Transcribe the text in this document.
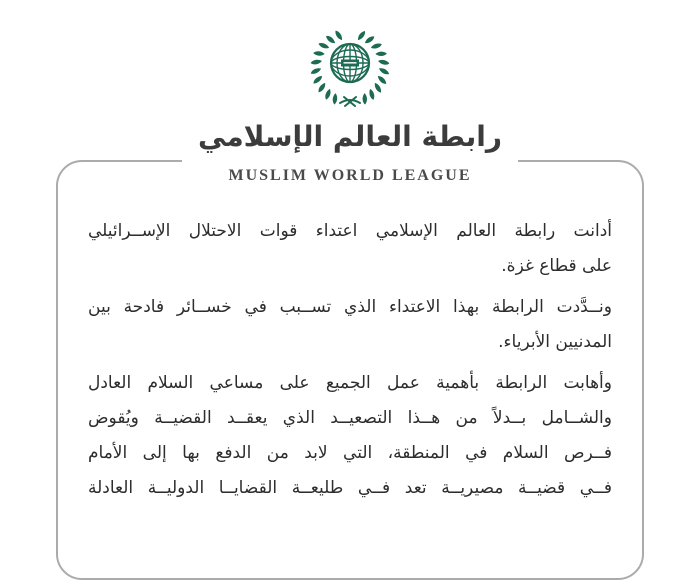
أدانت رابطة العالم الإسلامي اعتداء قوات الاحتلال الإســرائيلي
على قطاع غزة.
ونــدَّدت الرابطة بهذا الاعتداء الذي تســبب في خســائر فادحة بين
المدنيين الأبرياء.
وأهابت الرابطة بأهمية عمل الجميع على مساعي السلام العادل
والشــامل بــدلاً من هــذا التصعيــد الذي يعقــد القضيــة ويُقوض
فــرص السلام في المنطقة، التي لابد من الدفع بها إلى الأمام
فــي قضيــة مصيريــة تعد فــي طليعــة القضايــا الدوليــة العادلة
رابطة العالم الإسلامي
MUSLIM WORLD LEAGUE
